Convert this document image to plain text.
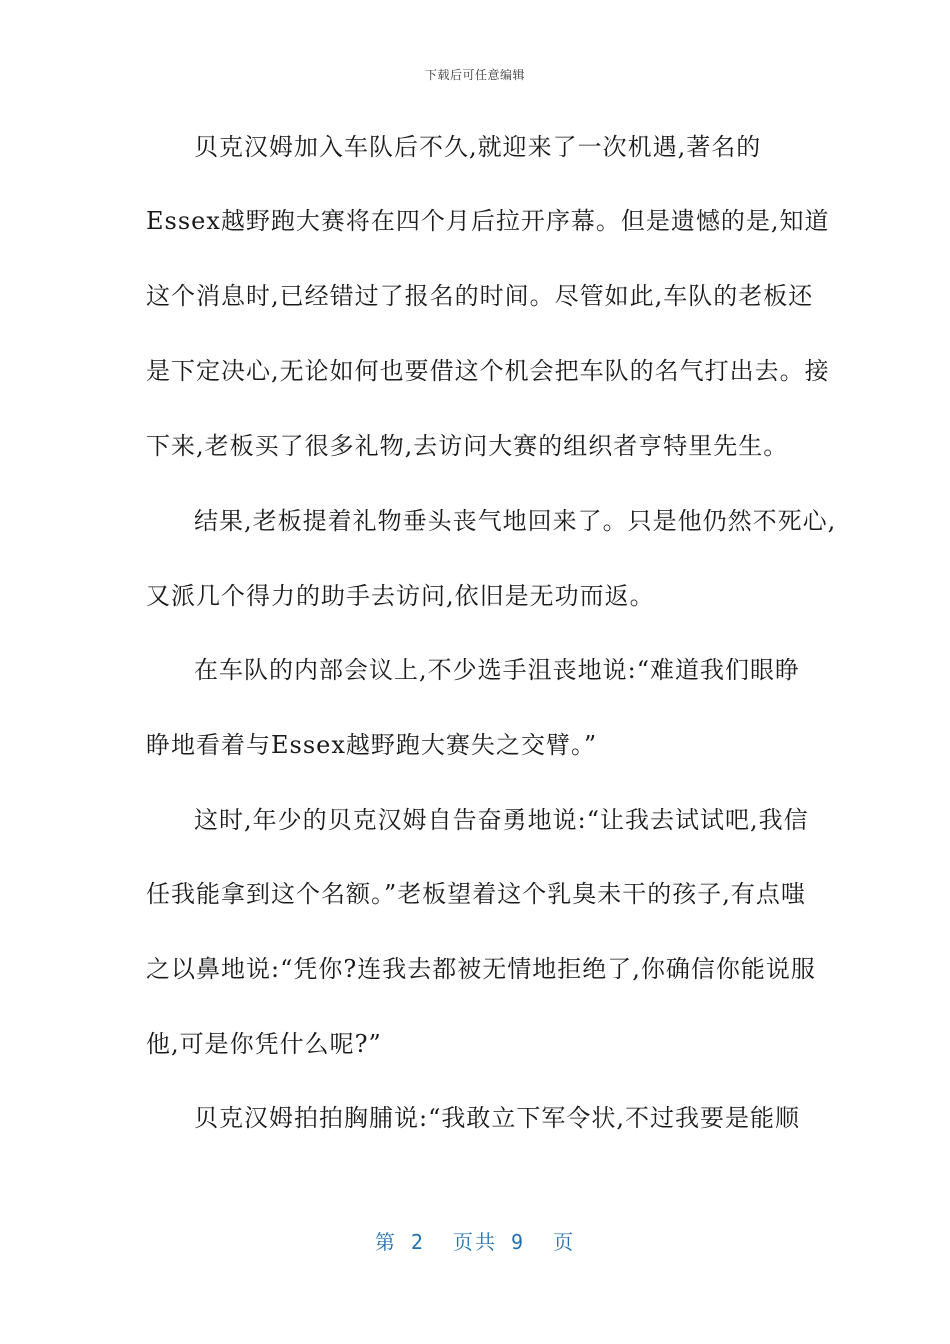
下载后可任意编辑
贝克汉姆加入车队后不久,就迎来了一次机遇,著名的
Essex越野跑大赛将在四个月后拉开序幕。但是遗憾的是,知道
这个消息时,已经错过了报名的时间。尽管如此,车队的老板还
是下定决心,无论如何也要借这个机会把车队的名气打出去。接
下来,老板买了很多礼物,去访问大赛的组织者亨特里先生。
结果,老板提着礼物垂头丧气地回来了。只是他仍然不死心,
又派几个得力的助手去访问,依旧是无功而返。
在车队的内部会议上,不少选手沮丧地说:“难道我们眼睁
睁地看着与Essex越野跑大赛失之交臂。”
这时,年少的贝克汉姆自告奋勇地说:“让我去试试吧,我信
任我能拿到这个名额。”老板望着这个乳臭未干的孩子,有点嗤
之以鼻地说:“凭你?连我去都被无情地拒绝了,你确信你能说服
他,可是你凭什么呢?”
贝克汉姆拍拍胸脯说:“我敢立下军令状,不过我要是能顺
第 2  页共 9  页
